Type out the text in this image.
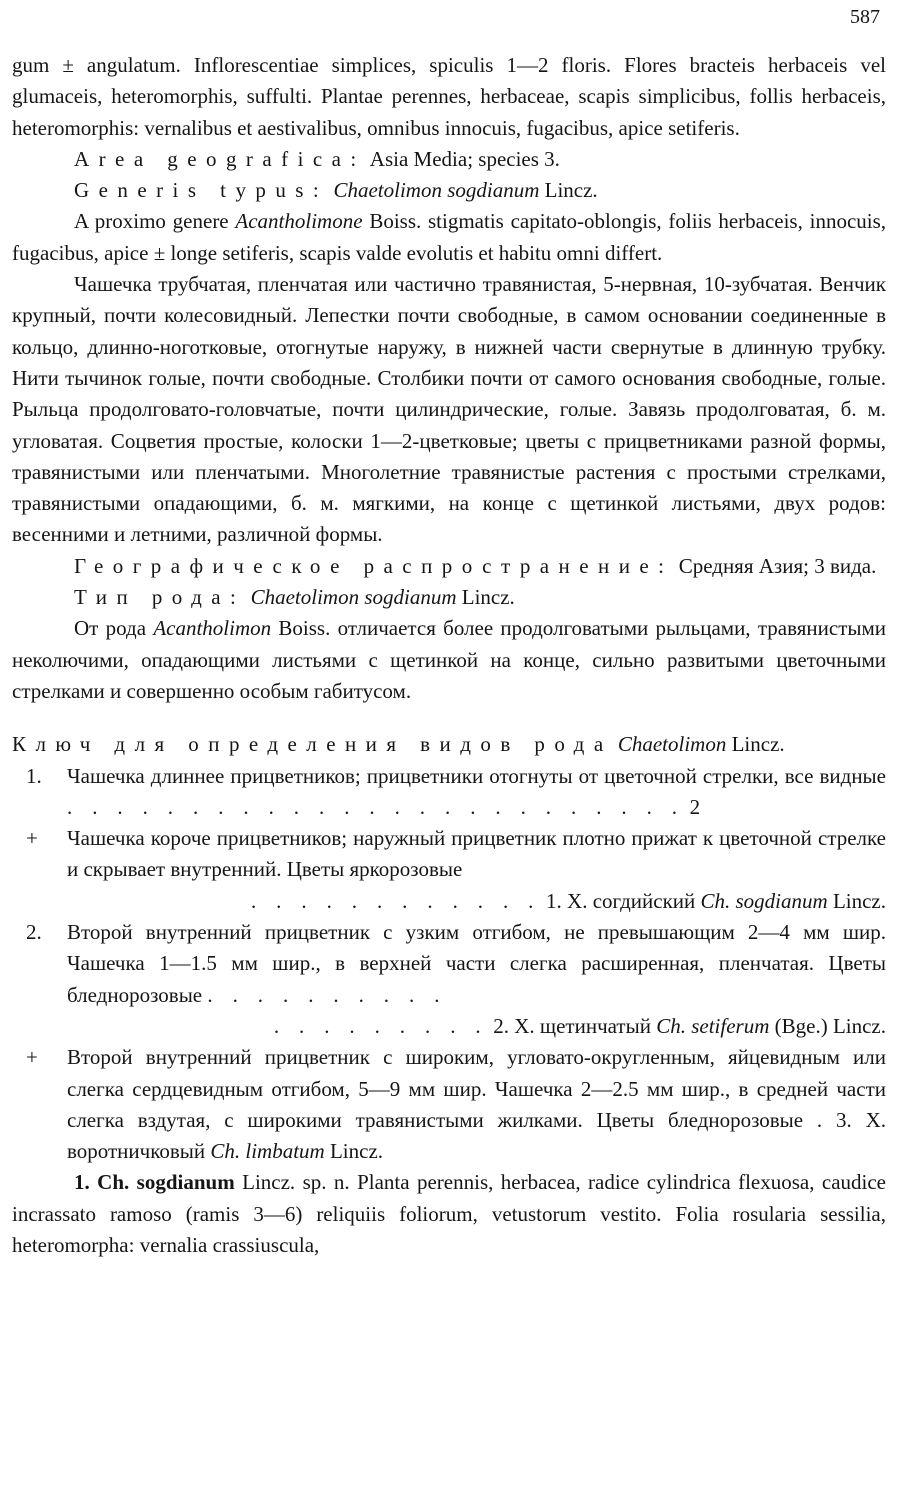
587

gum ± angulatum. Inflorescentiae simplices, spiculis 1—2 floris. Flores bracteis herbaceis vel glumaceis, heteromorphis, suffulti. Plantae perennes, herbaceae, scapis simplicibus, follis herbaceis, heteromorphis: vernalibus et aestivalibus, omnibus innocuis, fugacibus, apice setiferis.

Area geografica: Asia Media; species 3.

Generis typus: Chaetolimon sogdianum Lincz.

A proximo genere Acantholimone Boiss. stigmatis capitato-oblongis, foliis herbaceis, innocuis, fugacibus, apice ± longe setiferis, scapis valde evolutis et habitu omni differt.

Чашечка трубчатая, пленчатая или частично травянистая, 5-нервная, 10-зубчатая. Венчик крупный, почти колесовидный. Лепестки почти свободные, в самом основании соединенные в кольцо, длинно-ноготковые, отогнутые наружу, в нижней части свернутые в длинную трубку. Нити тычинок голые, почти свободные. Столбики почти от самого основания свободные, голые. Рыльца продолговато-головчатые, почти цилиндрические, голые. Завязь продолговатая, б. м. угловатая. Соцветия простые, колоски 1—2-цветковые; цветы с прицветниками разной формы, травянистыми или пленчатыми. Многолетние травянистые растения с простыми стрелками, травянистыми опадающими, б. м. мягкими, на конце с щетинкой листьями, двух родов: весенними и летними, различной формы.

Географическое распространение: Средняя Азия; 3 вида.

Тип рода: Chaetolimon sogdianum Lincz.

От рода Acantholimon Boiss. отличается более продолговатыми рыльцами, травянистыми неколючими, опадающими листьями с щетинкой на конце, сильно развитыми цветочными стрелками и совершенно особым габитусом.

Ключ для определения видов рода Chaetolimon Lincz.

1. Чашечка длиннее прицветников; прицветники отогнуты от цветочной стрелки, все видные . . . . . . . . . . . . . . . . . . . . . . . . . 2
+ Чашечка короче прицветников; наружный прицветник плотно прижат к цветочной стрелке и скрывает внутренний. Цветы яркорозовые
. . . . . . . . . . . . 1. Х. согдийский Ch. sogdianum Lincz.
2. Второй внутренний прицветник с узким отгибом, не превышающим 2—4 мм шир. Чашечка 1—1.5 мм шир., в верхней части слегка расширенная, пленчатая. Цветы бледнорозовые . . . . . . . . . .
. . . . . . . . . 2. Х. щетинчатый Ch. setiferum (Bge.) Lincz.
+ Второй внутренний прицветник с широким, угловато-округленным, яйцевидным или слегка сердцевидным отгибом, 5—9 мм шир. Чашечка 2—2.5 мм шир., в средней части слегка вздутая, с широкими травянистыми жилками. Цветы бледнорозовые . 3. Х. воротничковый Ch. limbatum Lincz.

1. Ch. sogdianum Lincz. sp. n. Planta perennis, herbacea, radice cylindrica flexuosa, caudice incrassato ramoso (ramis 3—6) reliquiis foliorum, vetustorum vestito. Folia rosularia sessilia, heteromorpha: vernalia crassiuscula,
